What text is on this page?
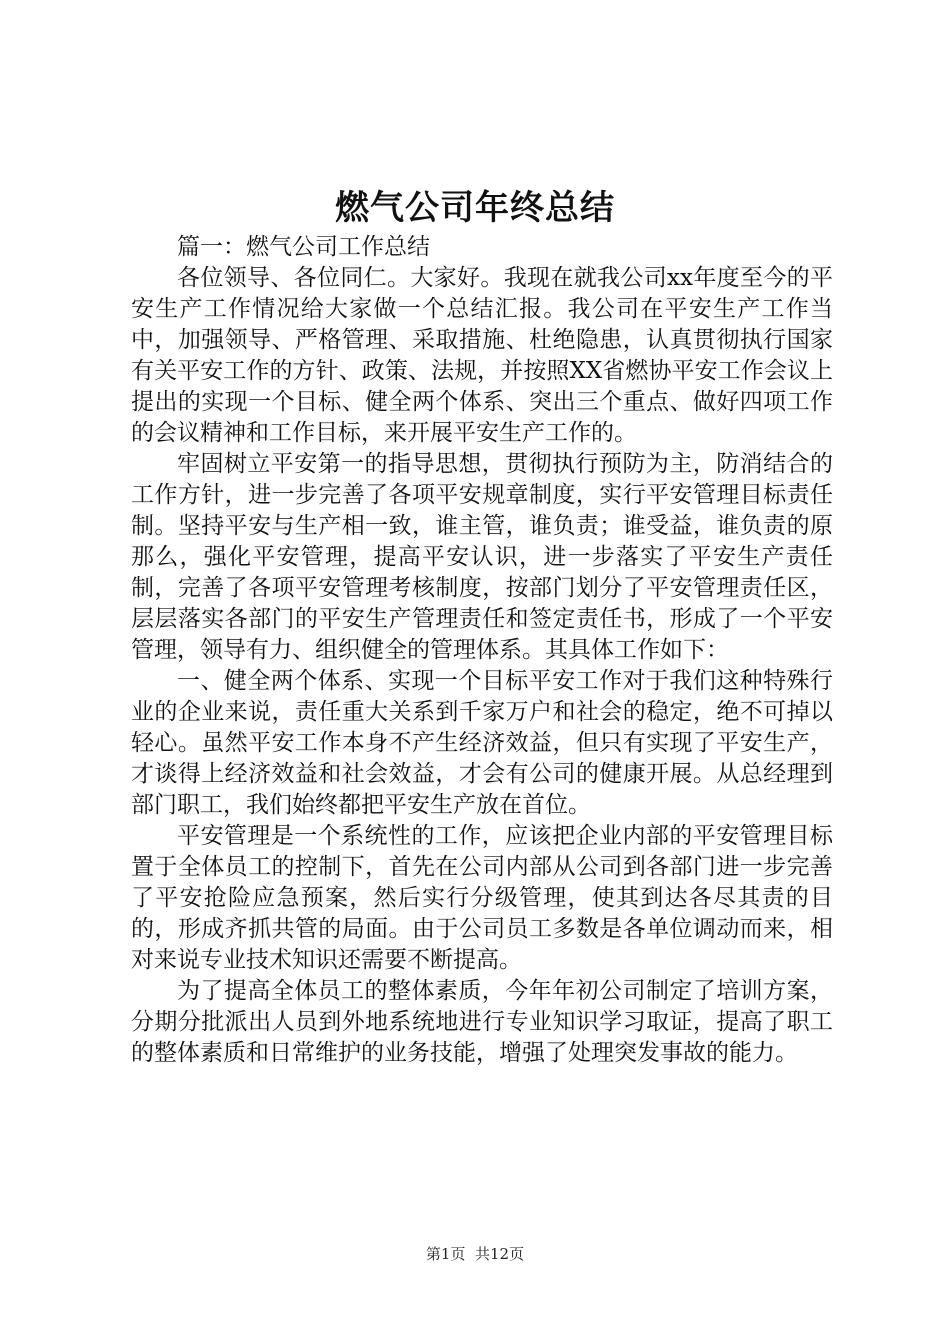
燃气公司年终总结

篇一：燃气公司工作总结

各位领导、各位同仁。大家好。我现在就我公司xx年度至今的平安生产工作情况给大家做一个总结汇报。我公司在平安生产工作当中，加强领导、严格管理、采取措施、杜绝隐患，认真贯彻执行国家有关平安工作的方针、政策、法规，并按照XX省燃协平安工作会议上提出的实现一个目标、健全两个体系、突出三个重点、做好四项工作的会议精神和工作目标，来开展平安生产工作的。

牢固树立平安第一的指导思想，贯彻执行预防为主，防消结合的工作方针，进一步完善了各项平安规章制度，实行平安管理目标责任制。坚持平安与生产相一致，谁主管，谁负责；谁受益，谁负责的原那么，强化平安管理，提高平安认识，进一步落实了平安生产责任制，完善了各项平安管理考核制度，按部门划分了平安管理责任区，层层落实各部门的平安生产管理责任和签定责任书，形成了一个平安管理，领导有力、组织健全的管理体系。其具体工作如下：

一、健全两个体系、实现一个目标平安工作对于我们这种特殊行业的企业来说，责任重大关系到千家万户和社会的稳定，绝不可掉以轻心。虽然平安工作本身不产生经济效益，但只有实现了平安生产，才谈得上经济效益和社会效益，才会有公司的健康开展。从总经理到部门职工，我们始终都把平安生产放在首位。

平安管理是一个系统性的工作，应该把企业内部的平安管理目标置于全体员工的控制下，首先在公司内部从公司到各部门进一步完善了平安抢险应急预案，然后实行分级管理，使其到达各尽其责的目的，形成齐抓共管的局面。由于公司员工多数是各单位调动而来，相对来说专业技术知识还需要不断提高。

为了提高全体员工的整体素质，今年年初公司制定了培训方案，分期分批派出人员到外地系统地进行专业知识学习取证，提高了职工的整体素质和日常维护的业务技能，增强了处理突发事故的能力。

第1页  共12页
